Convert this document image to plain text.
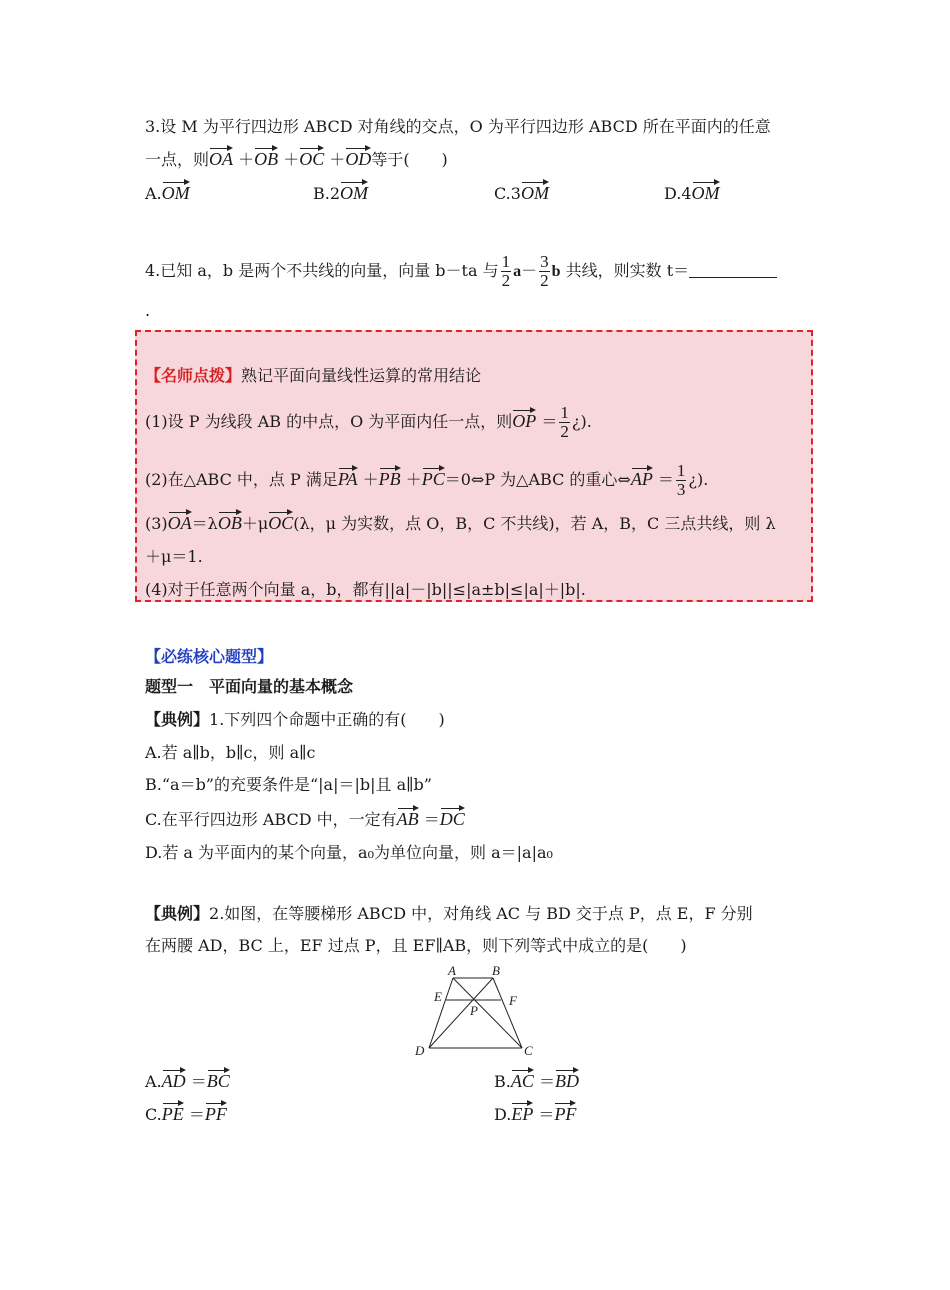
3.设 M 为平行四边形 ABCD 对角线的交点，O 为平行四边形 ABCD 所在平面内的任意
一点，则OA ＋OB ＋OC ＋OD等于(　　)
A.OM	B.2OM	C.3OM	D.4OM
4.已知 a，b 是两个不共线的向量，向量 b－ta 与 $\frac{1}{2} a- \frac{3}{2}$ b 共线，则实数 t＝
.
【名师点拨】熟记平面向量线性运算的常用结论
(1)设 P 为线段 AB 的中点，O 为平面内任一点，则OP ＝ $\frac{1}{2}$ ¿).
(2)在△ABC 中，点 P 满足PA ＋PB ＋PC＝0⇔P 为△ABC 的重心⇔AP ＝ $\frac{1}{3}$ ¿).
(3)OA＝λOB＋μOC(λ，μ 为实数，点 O，B，C 不共线)，若 A，B，C 三点共线，则 λ
＋μ＝1.
(4)对于任意两个向量 a，b，都有||a|－|b||≤|a±b|≤|a|＋|b|.
【必练核心题型】
题型一　平面向量的基本概念
【典例】1.下列四个命题中正确的有(　　)
A.若 a∥b，b∥c，则 a∥c
B.“a＝b”的充要条件是“|a|＝|b|且 a∥b”
C.在平行四边形 ABCD 中，一定有AB ＝DC
D.若 a 为平面内的某个向量，a₀为单位向量，则 a＝|a|a₀
【典例】2.如图，在等腰梯形 ABCD 中，对角线 AC 与 BD 交于点 P，点 E，F 分别
在两腰 AD，BC 上，EF 过点 P，且 EF∥AB，则下列等式中成立的是(　　)
A	B
C
D
E	F
P
A.AD ＝BC	B.AC ＝BD
C.PE ＝PF	D.EP ＝PF
